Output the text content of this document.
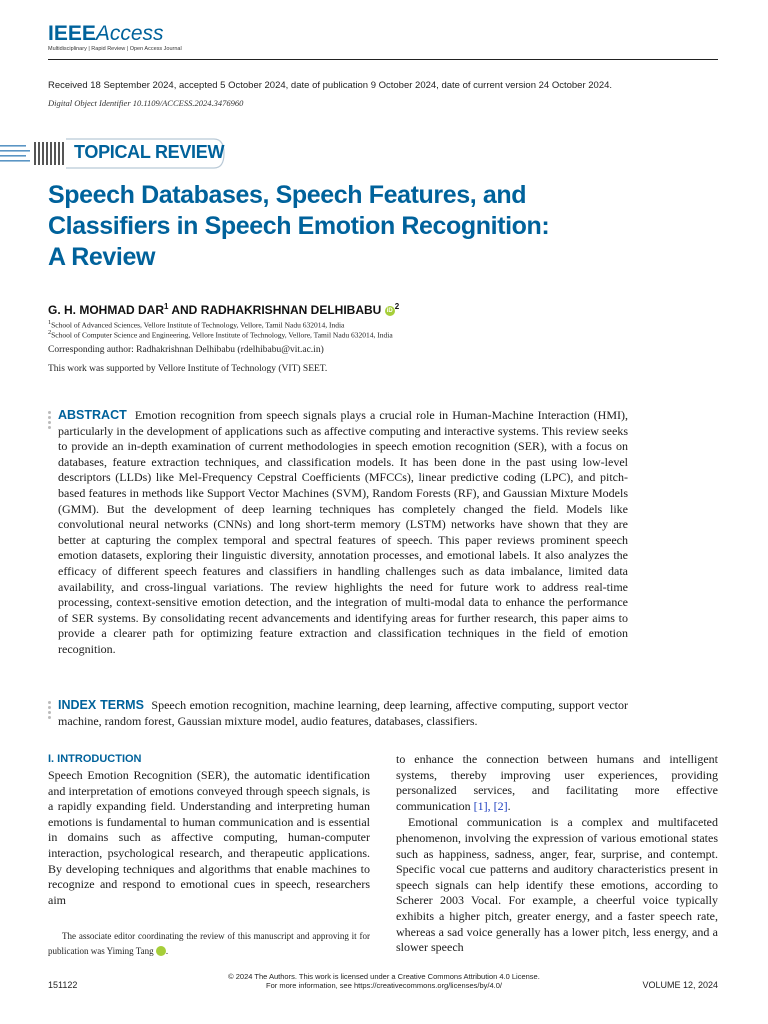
IEEEAccess
Multidisciplinary | Rapid Review | Open Access Journal
Received 18 September 2024, accepted 5 October 2024, date of publication 9 October 2024, date of current version 24 October 2024.
Digital Object Identifier 10.1109/ACCESS.2024.3476960
TOPICAL REVIEW
Speech Databases, Speech Features, and Classifiers in Speech Emotion Recognition: A Review
G. H. MOHMAD DAR$^1$ AND RADHAKRISHNAN DELHIBABU iD $^2$
$^1$School of Advanced Sciences, Vellore Institute of Technology, Vellore, Tamil Nadu 632014, India
$^2$School of Computer Science and Engineering, Vellore Institute of Technology, Vellore, Tamil Nadu 632014, India
Corresponding author: Radhakrishnan Delhibabu (rdelhibabu@vit.ac.in)
This work was supported by Vellore Institute of Technology (VIT) SEET.

ABSTRACT Emotion recognition from speech signals plays a crucial role in Human-Machine Interaction (HMI), particularly in the development of applications such as affective computing and interactive systems. This review seeks to provide an in-depth examination of current methodologies in speech emotion recognition (SER), with a focus on databases, feature extraction techniques, and classification models. It has been done in the past using low-level descriptors (LLDs) like Mel-Frequency Cepstral Coefficients (MFCCs), linear predictive coding (LPC), and pitch-based features in methods like Support Vector Machines (SVM), Random Forests (RF), and Gaussian Mixture Models (GMM). But the development of deep learning techniques has completely changed the field. Models like convolutional neural networks (CNNs) and long short-term memory (LSTM) networks have shown that they are better at capturing the complex temporal and spectral features of speech. This paper reviews prominent speech emotion datasets, exploring their linguistic diversity, annotation processes, and emotional labels. It also analyzes the efficacy of different speech features and classifiers in handling challenges such as data imbalance, limited data availability, and cross-lingual variations. The review highlights the need for future work to address real-time processing, context-sensitive emotion detection, and the integration of multi-modal data to enhance the performance of SER systems. By consolidating recent advancements and identifying areas for further research, this paper aims to provide a clearer path for optimizing feature extraction and classification techniques in the field of emotion recognition.

INDEX TERMS Speech emotion recognition, machine learning, deep learning, affective computing, support vector machine, random forest, Gaussian mixture model, audio features, databases, classifiers.

I. INTRODUCTION

Speech Emotion Recognition (SER), the automatic identification and interpretation of emotions conveyed through speech signals, is a rapidly expanding field. Understanding and interpreting human emotions is fundamental to human communication and is essential in domains such as affective computing, human-computer interaction, psychological research, and therapeutic applications. By developing techniques and algorithms that enable machines to recognize and respond to emotional cues in speech, researchers aim

to enhance the connection between humans and intelligent systems, thereby improving user experiences, providing personalized services, and facilitating more effective communication [1], [2].

Emotional communication is a complex and multifaceted phenomenon, involving the expression of various emotional states such as happiness, sadness, anger, fear, surprise, and contempt. Specific vocal cue patterns and auditory characteristics present in speech signals can help identify these emotions, according to Scherer 2003 Vocal. For example, a cheerful voice typically exhibits a higher pitch, greater energy, and a faster speech rate, whereas a sad voice generally has a lower pitch, less energy, and a slower speech

The associate editor coordinating the review of this manuscript and approving it for publication was Yiming Tang	iD.
© 2024 The Authors. This work is licensed under a Creative Commons Attribution 4.0 License.
For more information, see https://creativecommons.org/licenses/by/4.0/
151122	VOLUME 12, 2024
